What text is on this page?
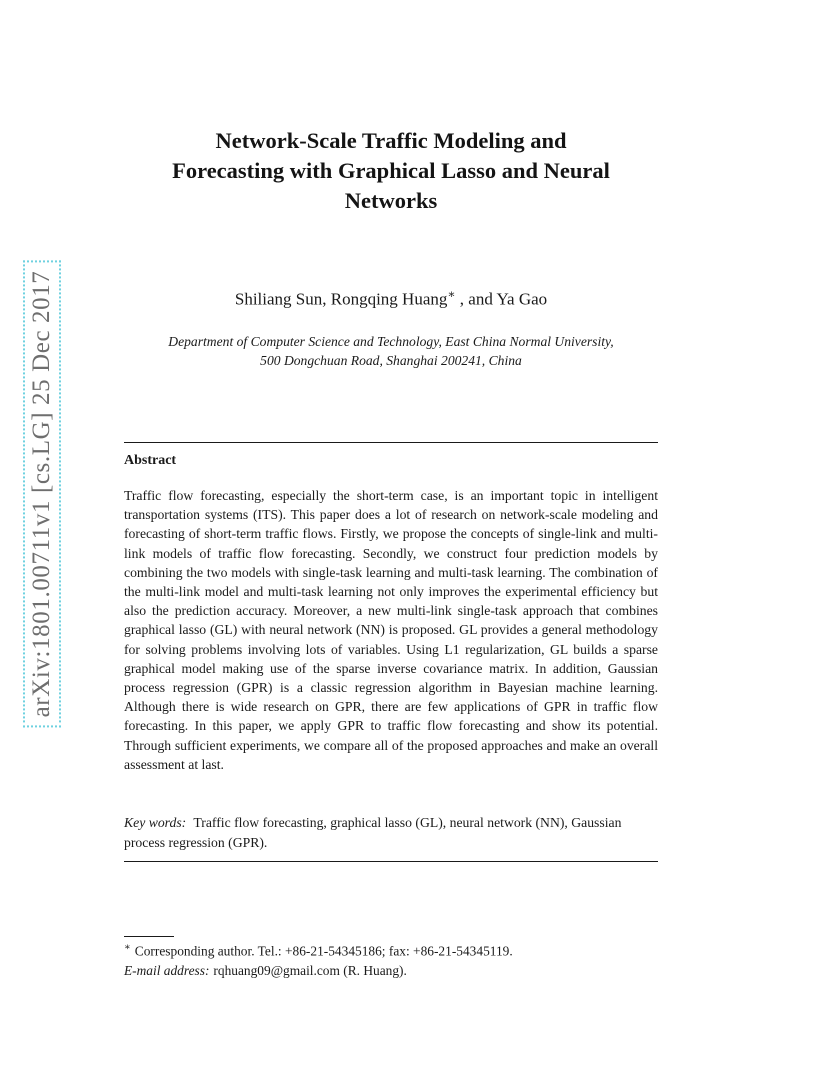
arXiv:1801.00711v1 [cs.LG] 25 Dec 2017
Network-Scale Traffic Modeling and
Forecasting with Graphical Lasso and Neural
Networks
Shiliang Sun, Rongqing Huang∗ , and Ya Gao
Department of Computer Science and Technology, East China Normal University,
500 Dongchuan Road, Shanghai 200241, China
Abstract
Traffic flow forecasting, especially the short-term case, is an important topic in intelligent transportation systems (ITS). This paper does a lot of research on network-scale modeling and forecasting of short-term traffic flows. Firstly, we propose the concepts of single-link and multi-link models of traffic flow forecasting. Secondly, we construct four prediction models by combining the two models with single-task learning and multi-task learning. The combination of the multi-link model and multi-task learning not only improves the experimental efficiency but also the prediction accuracy. Moreover, a new multi-link single-task approach that combines graphical lasso (GL) with neural network (NN) is proposed. GL provides a general methodology for solving problems involving lots of variables. Using L1 regularization, GL builds a sparse graphical model making use of the sparse inverse covariance matrix. In addition, Gaussian process regression (GPR) is a classic regression algorithm in Bayesian machine learning. Although there is wide research on GPR, there are few applications of GPR in traffic flow forecasting. In this paper, we apply GPR to traffic flow forecasting and show its potential. Through sufficient experiments, we compare all of the proposed approaches and make an overall assessment at last.
Key words: Traffic flow forecasting, graphical lasso (GL), neural network (NN), Gaussian process regression (GPR).
∗ Corresponding author. Tel.: +86-21-54345186; fax: +86-21-54345119.
E-mail address: rqhuang09@gmail.com (R. Huang).
